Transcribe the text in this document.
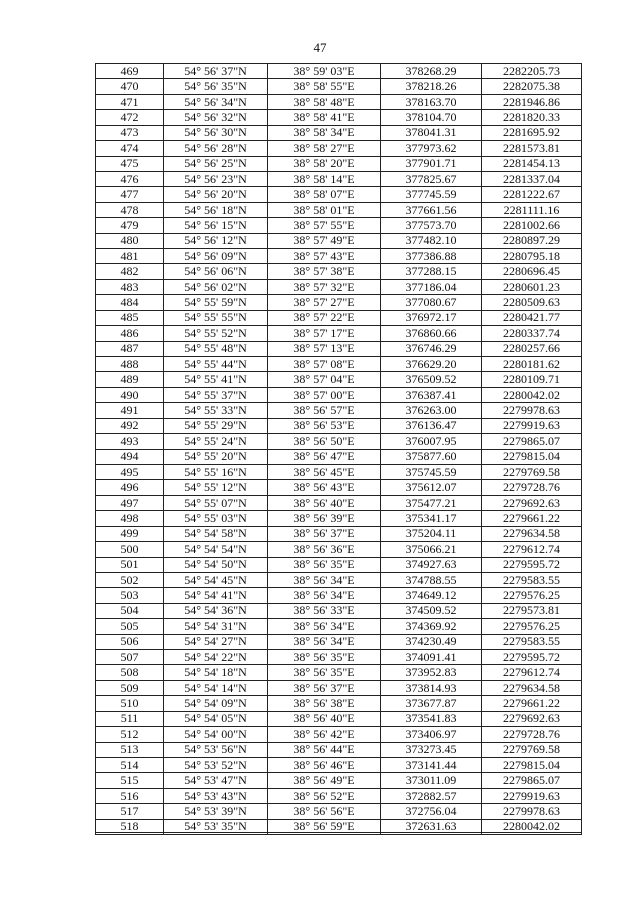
47
469	54° 56' 37"N	38° 59' 03"E	378268.29	2282205.73
470	54° 56' 35"N	38° 58' 55"E	378218.26	2282075.38
471	54° 56' 34"N	38° 58' 48"E	378163.70	2281946.86
472	54° 56' 32"N	38° 58' 41"E	378104.70	2281820.33
473	54° 56' 30"N	38° 58' 34"E	378041.31	2281695.92
474	54° 56' 28"N	38° 58' 27"E	377973.62	2281573.81
475	54° 56' 25"N	38° 58' 20"E	377901.71	2281454.13
476	54° 56' 23"N	38° 58' 14"E	377825.67	2281337.04
477	54° 56' 20"N	38° 58' 07"E	377745.59	2281222.67
478	54° 56' 18"N	38° 58' 01"E	377661.56	2281111.16
479	54° 56' 15"N	38° 57' 55"E	377573.70	2281002.66
480	54° 56' 12"N	38° 57' 49"E	377482.10	2280897.29
481	54° 56' 09"N	38° 57' 43"E	377386.88	2280795.18
482	54° 56' 06"N	38° 57' 38"E	377288.15	2280696.45
483	54° 56' 02"N	38° 57' 32"E	377186.04	2280601.23
484	54° 55' 59"N	38° 57' 27"E	377080.67	2280509.63
485	54° 55' 55"N	38° 57' 22"E	376972.17	2280421.77
486	54° 55' 52"N	38° 57' 17"E	376860.66	2280337.74
487	54° 55' 48"N	38° 57' 13"E	376746.29	2280257.66
488	54° 55' 44"N	38° 57' 08"E	376629.20	2280181.62
489	54° 55' 41"N	38° 57' 04"E	376509.52	2280109.71
490	54° 55' 37"N	38° 57' 00"E	376387.41	2280042.02
491	54° 55' 33"N	38° 56' 57"E	376263.00	2279978.63
492	54° 55' 29"N	38° 56' 53"E	376136.47	2279919.63
493	54° 55' 24"N	38° 56' 50"E	376007.95	2279865.07
494	54° 55' 20"N	38° 56' 47"E	375877.60	2279815.04
495	54° 55' 16"N	38° 56' 45"E	375745.59	2279769.58
496	54° 55' 12"N	38° 56' 43"E	375612.07	2279728.76
497	54° 55' 07"N	38° 56' 40"E	375477.21	2279692.63
498	54° 55' 03"N	38° 56' 39"E	375341.17	2279661.22
499	54° 54' 58"N	38° 56' 37"E	375204.11	2279634.58
500	54° 54' 54"N	38° 56' 36"E	375066.21	2279612.74
501	54° 54' 50"N	38° 56' 35"E	374927.63	2279595.72
502	54° 54' 45"N	38° 56' 34"E	374788.55	2279583.55
503	54° 54' 41"N	38° 56' 34"E	374649.12	2279576.25
504	54° 54' 36"N	38° 56' 33"E	374509.52	2279573.81
505	54° 54' 31"N	38° 56' 34"E	374369.92	2279576.25
506	54° 54' 27"N	38° 56' 34"E	374230.49	2279583.55
507	54° 54' 22"N	38° 56' 35"E	374091.41	2279595.72
508	54° 54' 18"N	38° 56' 35"E	373952.83	2279612.74
509	54° 54' 14"N	38° 56' 37"E	373814.93	2279634.58
510	54° 54' 09"N	38° 56' 38"E	373677.87	2279661.22
511	54° 54' 05"N	38° 56' 40"E	373541.83	2279692.63
512	54° 54' 00"N	38° 56' 42"E	373406.97	2279728.76
513	54° 53' 56"N	38° 56' 44"E	373273.45	2279769.58
514	54° 53' 52"N	38° 56' 46"E	373141.44	2279815.04
515	54° 53' 47"N	38° 56' 49"E	373011.09	2279865.07
516	54° 53' 43"N	38° 56' 52"E	372882.57	2279919.63
517	54° 53' 39"N	38° 56' 56"E	372756.04	2279978.63
518	54° 53' 35"N	38° 56' 59"E	372631.63	2280042.02
